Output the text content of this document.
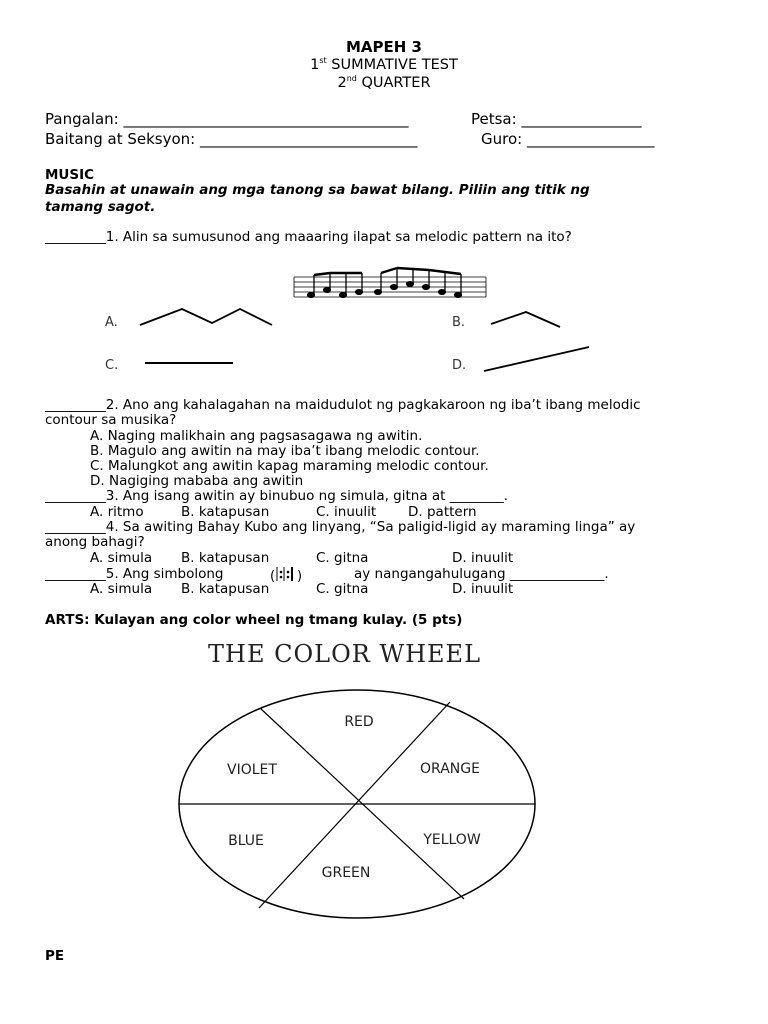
MAPEH 3
1st SUMMATIVE TEST
2nd QUARTER
Pangalan: ______________________________________	Petsa: ________________
Baitang at Seksyon: _____________________________	Guro: _________________
MUSIC
Basahin at unawain ang mga tanong sa bawat bilang. Piliin ang titik ng
tamang sagot.
_________1. Alin sa sumusunod ang maaaring ilapat sa melodic pattern na ito?
A.	B.
C.	D.
_________2. Ano ang kahalagahan na maidudulot ng pagkakaroon ng iba’t ibang melodic
contour sa musika?
A. Naging malikhain ang pagsasagawa ng awitin.
B. Magulo ang awitin na may iba’t ibang melodic contour.
C. Malungkot ang awitin kapag maraming melodic contour.
D. Nagiging mababa ang awitin
_________3. Ang isang awitin ay binubuo ng simula, gitna at ________.
A. ritmo	B. katapusan	C. inuulit D. pattern
_________4. Sa awiting Bahay Kubo ang linyang, “Sa paligid-ligid ay maraming linga” ay
anong bahagi?
A. simula B. katapusan	C. gitna	D. inuulit
_________5. Ang simbolong	( )	ay nangangahulugang ______________.
A. simula B. katapusan	C. gitna	D. inuulit
ARTS: Kulayan ang color wheel ng tmang kulay. (5 pts)
THE COLOR WHEEL
RED
ORANGE
YELLOW
GREEN
BLUE
VIOLET
PE
